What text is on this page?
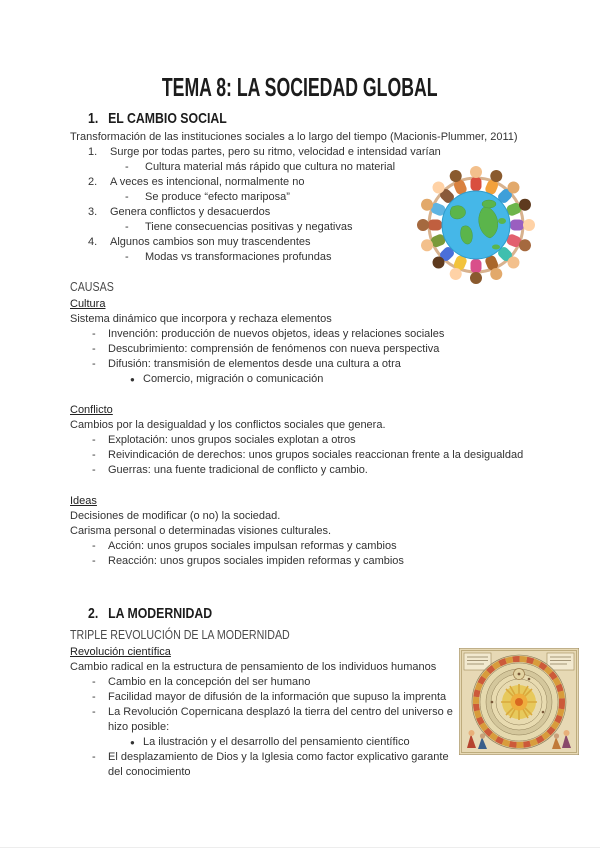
TEMA 8: LA SOCIEDAD GLOBAL
1. EL CAMBIO SOCIAL
Transformación de las instituciones sociales a lo largo del tiempo (Macionis-Plummer, 2011)
1.	Surge por todas partes, pero su ritmo, velocidad e intensidad varían
-	Cultura material más rápido que cultura no material
2.	A veces es intencional, normalmente no
-	Se produce “efecto mariposa”
3.	Genera conflictos y desacuerdos
-	Tiene consecuencias positivas y negativas
4.	Algunos cambios son muy trascendentes
-	Modas vs transformaciones profundas
CAUSAS
Cultura
Sistema dinámico que incorpora y rechaza elementos
-	Invención: producción de nuevos objetos, ideas y relaciones sociales
-	Descubrimiento: comprensión de fenómenos con nueva perspectiva
-	Difusión: transmisión de elementos desde una cultura a otra
● Comercio, migración o comunicación
Conflicto
Cambios por la desigualdad y los conflictos sociales que genera.
-	Explotación: unos grupos sociales explotan a otros
-	Reivindicación de derechos: unos grupos sociales reaccionan frente a la desigualdad
-	Guerras: una fuente tradicional de conflicto y cambio.
Ideas
Decisiones de modificar (o no) la sociedad.
Carisma personal o determinadas visiones culturales.
-	Acción: unos grupos sociales impulsan reformas y cambios
-	Reacción: unos grupos sociales impiden reformas y cambios
2. LA MODERNIDAD
TRIPLE REVOLUCIÓN DE LA MODERNIDAD
Revolución científica
Cambio radical en la estructura de pensamiento de los individuos humanos
-	Cambio en la concepción del ser humano
-	Facilidad mayor de difusión de la información que supuso la imprenta
-	La Revolución Copernicana desplazó la tierra del centro del universo e hizo posible:
● La ilustración y el desarrollo del pensamiento científico
-	El desplazamiento de Dios y la Iglesia como factor explicativo garante del conocimiento
